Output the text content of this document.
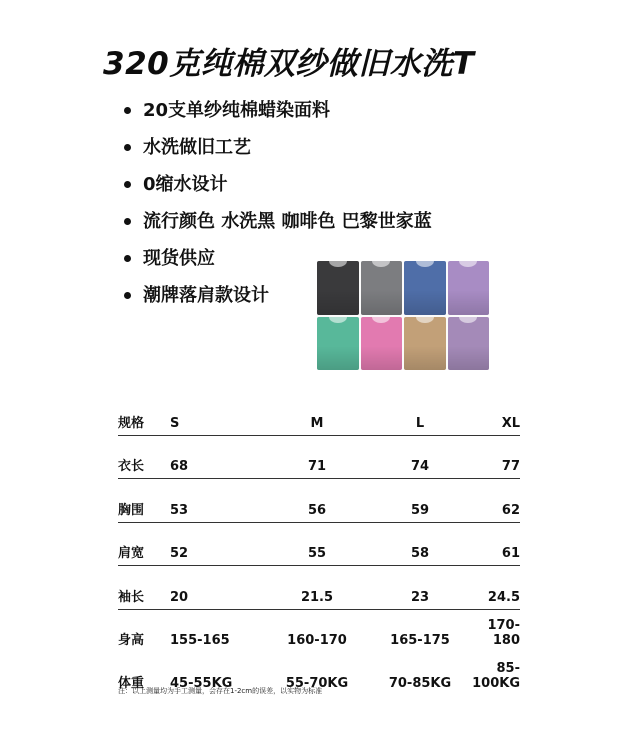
320克纯棉双纱做旧水洗T
20支单纱纯棉蜡染面料
水洗做旧工艺
0缩水设计
流行颜色 水洗黑 咖啡色 巴黎世家蓝
现货供应
潮牌落肩款设计
规格	S	M	L	XL
衣长	68	71	74	77
胸围	53	56	59	62
肩宽	52	55	58	61
袖长	20	21.5	23	24.5
身高	155-165	160-170	165-175	170-180
体重	45-55KG	55-70KG	70-85KG	85-100KG
注：以上测量均为手工测量，会存在1-2cm的误差，以实物为标准
